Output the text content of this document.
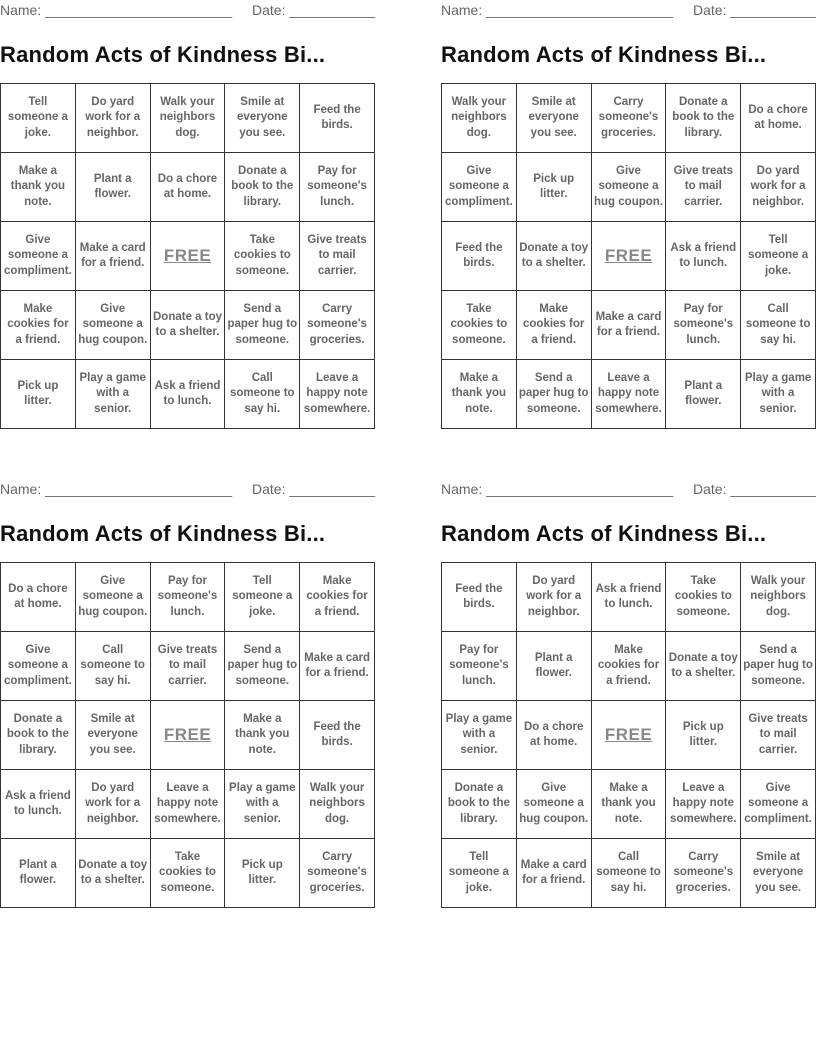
Name: ________________________ Date: ___________
Random Acts of Kindness Bi...
Tell someone a joke.	Do yard work for a neighbor.	Walk your neighbors dog.	Smile at everyone you see.	Feed the birds.
Make a thank you note.	Plant a flower.	Do a chore at home.	Donate a book to the library.	Pay for someone's lunch.
Give someone a compliment.	Make a card for a friend.	FREE	Take cookies to someone.	Give treats to mail carrier.
Make cookies for a friend.	Give someone a hug coupon.	Donate a toy to a shelter.	Send a paper hug to someone.	Carry someone's groceries.
Pick up litter.	Play a game with a senior.	Ask a friend to lunch.	Call someone to say hi.	Leave a happy note somewhere.
Name: ________________________ Date: ___________
Random Acts of Kindness Bi...
Walk your neighbors dog.	Smile at everyone you see.	Carry someone's groceries.	Donate a book to the library.	Do a chore at home.
Give someone a compliment.	Pick up litter.	Give someone a hug coupon.	Give treats to mail carrier.	Do yard work for a neighbor.
Feed the birds.	Donate a toy to a shelter.	FREE	Ask a friend to lunch.	Tell someone a joke.
Take cookies to someone.	Make cookies for a friend.	Make a card for a friend.	Pay for someone's lunch.	Call someone to say hi.
Make a thank you note.	Send a paper hug to someone.	Leave a happy note somewhere.	Plant a flower.	Play a game with a senior.
Name: ________________________ Date: ___________
Random Acts of Kindness Bi...
Do a chore at home.	Give someone a hug coupon.	Pay for someone's lunch.	Tell someone a joke.	Make cookies for a friend.
Give someone a compliment.	Call someone to say hi.	Give treats to mail carrier.	Send a paper hug to someone.	Make a card for a friend.
Donate a book to the library.	Smile at everyone you see.	FREE	Make a thank you note.	Feed the birds.
Ask a friend to lunch.	Do yard work for a neighbor.	Leave a happy note somewhere.	Play a game with a senior.	Walk your neighbors dog.
Plant a flower.	Donate a toy to a shelter.	Take cookies to someone.	Pick up litter.	Carry someone's groceries.
Name: ________________________ Date: ___________
Random Acts of Kindness Bi...
Feed the birds.	Do yard work for a neighbor.	Ask a friend to lunch.	Take cookies to someone.	Walk your neighbors dog.
Pay for someone's lunch.	Plant a flower.	Make cookies for a friend.	Donate a toy to a shelter.	Send a paper hug to someone.
Play a game with a senior.	Do a chore at home.	FREE	Pick up litter.	Give treats to mail carrier.
Donate a book to the library.	Give someone a hug coupon.	Make a thank you note.	Leave a happy note somewhere.	Give someone a compliment.
Tell someone a joke.	Make a card for a friend.	Call someone to say hi.	Carry someone's groceries.	Smile at everyone you see.
